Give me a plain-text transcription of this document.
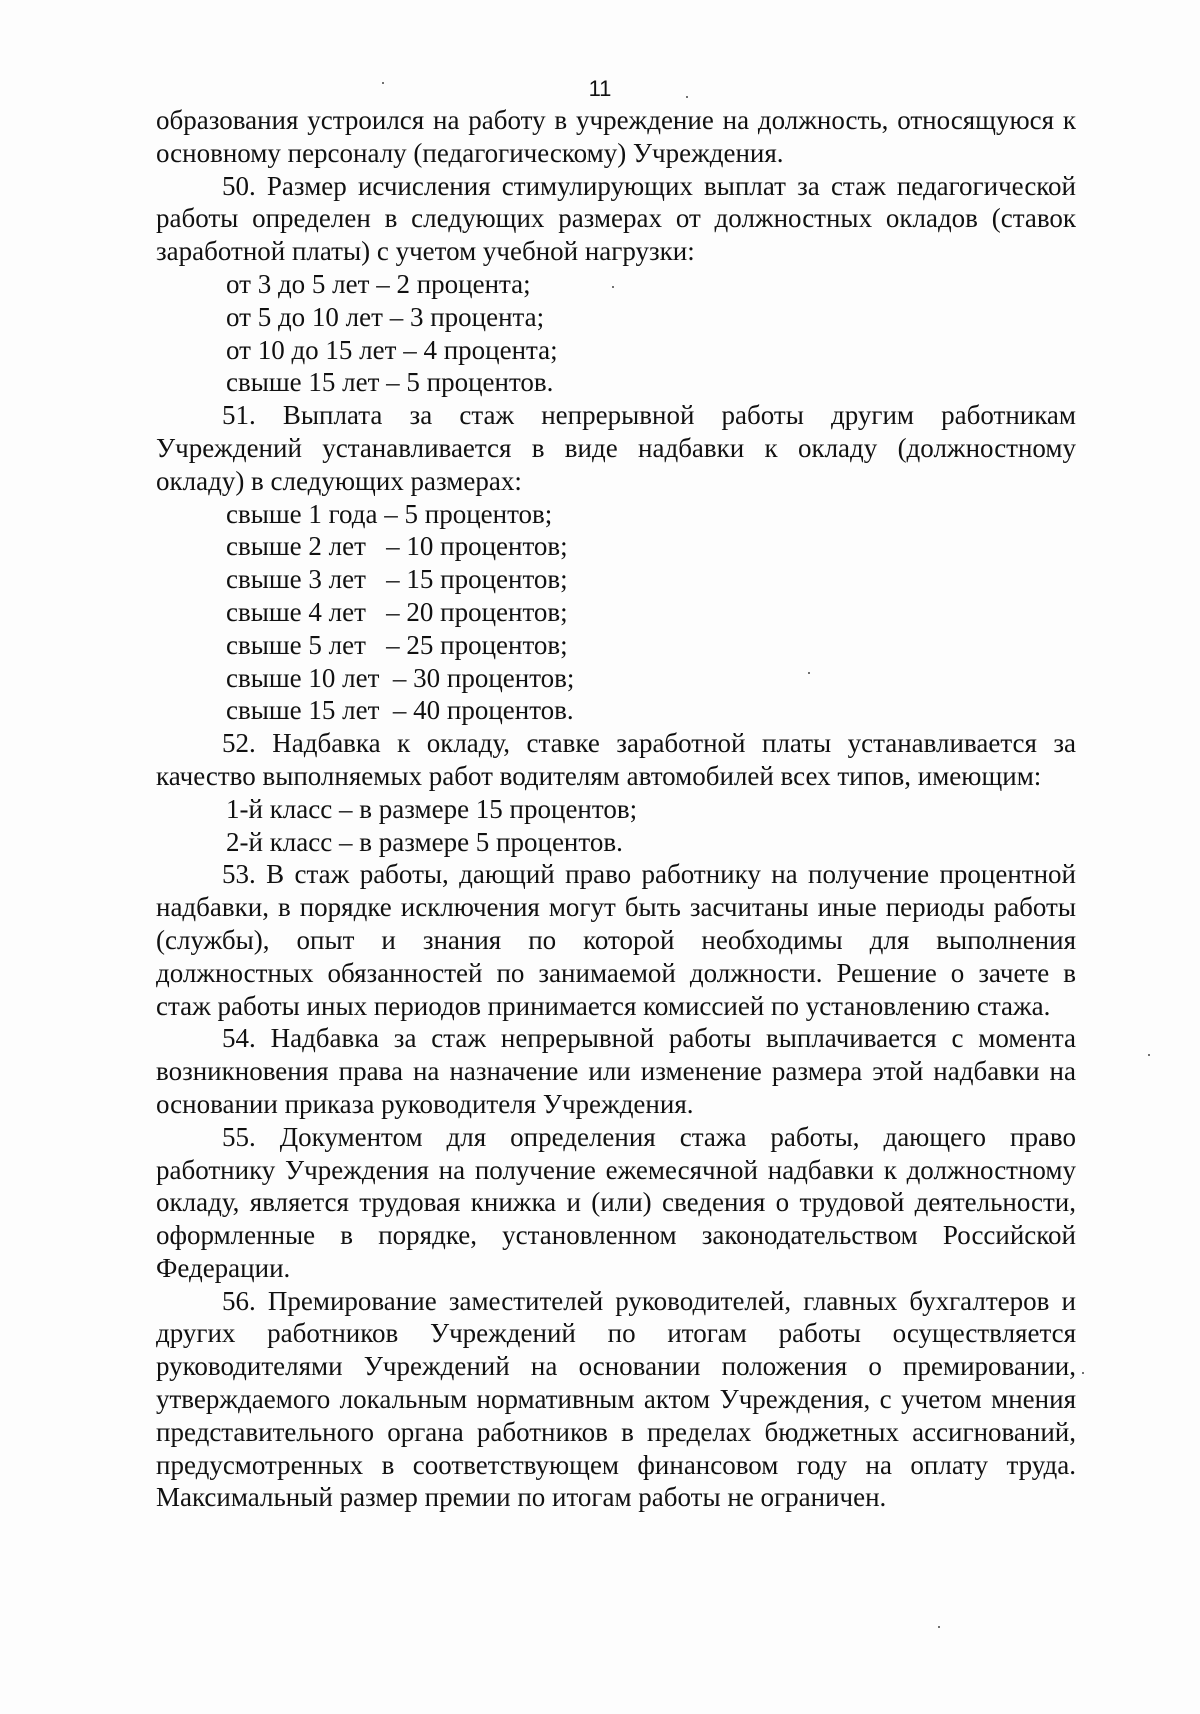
11

образования устроился на работу в учреждение на должность, относящуюся к основному персоналу (педагогическому) Учреждения.

50. Размер исчисления стимулирующих выплат за стаж педагогической работы определен в следующих размерах от должностных окладов (ставок заработной платы) с учетом учебной нагрузки:

от 3 до 5 лет – 2 процента;
от 5 до 10 лет – 3 процента;
от 10 до 15 лет – 4 процента;
свыше 15 лет – 5 процентов.

51. Выплата за стаж непрерывной работы другим работникам Учреждений устанавливается в виде надбавки к окладу (должностному окладу) в следующих размерах:

свыше 1 года – 5 процентов;
свыше 2 лет   – 10 процентов;
свыше 3 лет   – 15 процентов;
свыше 4 лет   – 20 процентов;
свыше 5 лет   – 25 процентов;
свыше 10 лет  – 30 процентов;
свыше 15 лет  – 40 процентов.

52. Надбавка к окладу, ставке заработной платы устанавливается за качество выполняемых работ водителям автомобилей всех типов, имеющим:

1-й класс – в размере 15 процентов;
2-й класс – в размере 5 процентов.

53. В стаж работы, дающий право работнику на получение процентной надбавки, в порядке исключения могут быть засчитаны иные периоды работы (службы), опыт и знания по которой необходимы для выполнения должностных обязанностей по занимаемой должности. Решение о зачете в стаж работы иных периодов принимается комиссией по установлению стажа.

54. Надбавка за стаж непрерывной работы выплачивается с момента возникновения права на назначение или изменение размера этой надбавки на основании приказа руководителя Учреждения.

55. Документом для определения стажа работы, дающего право работнику Учреждения на получение ежемесячной надбавки к должностному окладу, является трудовая книжка и (или) сведения о трудовой деятельности, оформленные в порядке, установленном законодательством Российской Федерации.

56. Премирование заместителей руководителей, главных бухгалтеров и других работников Учреждений по итогам работы осуществляется руководителями Учреждений на основании положения о премировании, утверждаемого локальным нормативным актом Учреждения, с учетом мнения представительного органа работников в пределах бюджетных ассигнований, предусмотренных в соответствующем финансовом году на оплату труда. Максимальный размер премии по итогам работы не ограничен.
